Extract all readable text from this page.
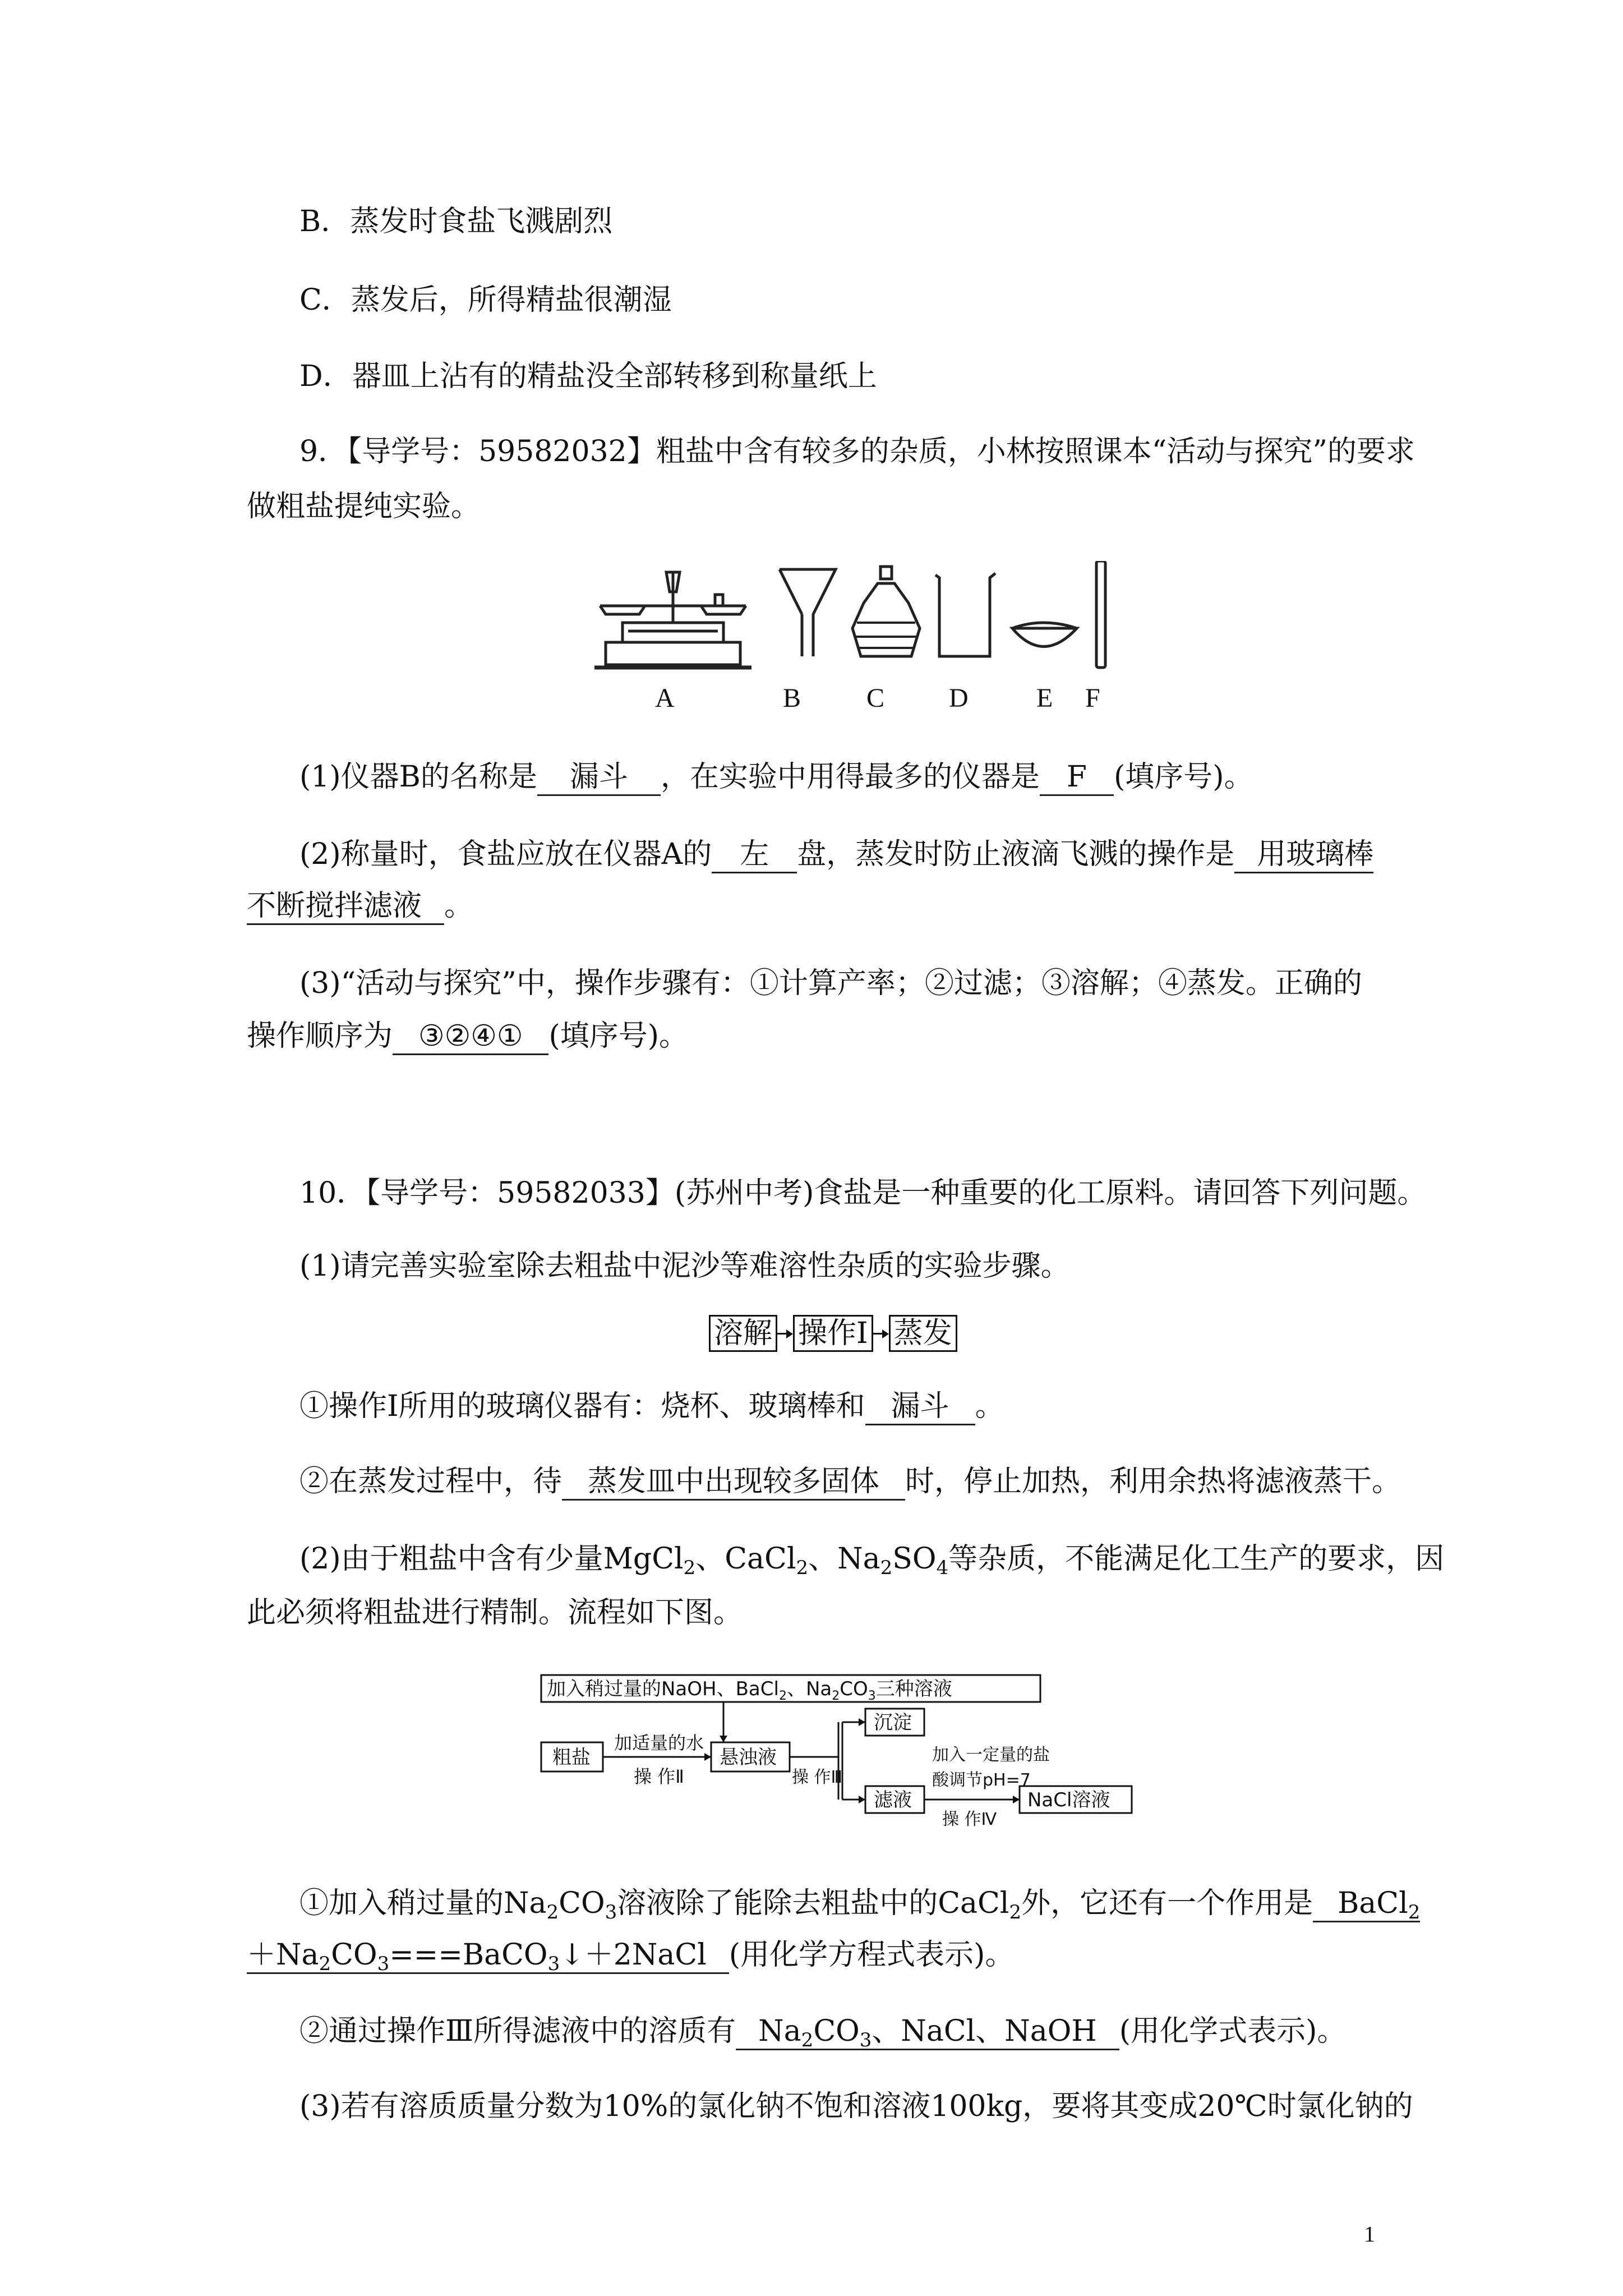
B．蒸发时食盐飞溅剧烈

C．蒸发后，所得精盐很潮湿

D．器皿上沾有的精盐没全部转移到称量纸上

9．【导学号：59582032】粗盐中含有较多的杂质，小林按照课本“活动与探究”的要求

做粗盐提纯实验。

A	B C D	E F

(1)仪器B的名称是 漏斗 ，在实验中用得最多的仪器是 F (填序号)。

(2)称量时，食盐应放在仪器A的 左 盘，蒸发时防止液滴飞溅的操作是 用玻璃棒

不断搅拌滤液 。

(3)“活动与探究”中，操作步骤有：①计算产率；②过滤；③溶解；④蒸发。正确的

操作顺序为 ③②④① (填序号)。

10．【导学号：59582033】(苏州中考)食盐是一种重要的化工原料。请回答下列问题。

(1)请完善实验室除去粗盐中泥沙等难溶性杂质的实验步骤。

溶解 操作Ⅰ 蒸发

①操作Ⅰ所用的玻璃仪器有：烧杯、玻璃棒和 漏斗 。

②在蒸发过程中，待 蒸发皿中出现较多固体 时，停止加热，利用余热将滤液蒸干。

(2)由于粗盐中含有少量MgCl$_2$、CaCl$_2$、$Na_2SO_4$等杂质，不能满足化工生产的要求，因

此必须将粗盐进行精制。流程如下图。

加入稍过量的NaOH、BaCl$_2$、$Na_2CO_3$三种溶液
粗盐
加适量的水
操 作Ⅱ
悬浊液
操 作Ⅲ
沉淀
滤液
加入一定量的盐
酸调节pH=7
操 作Ⅳ
NaCl溶液

①加入稍过量的$Na_2CO_3$溶液除了能除去粗盐中的CaCl$_2$外，它还有一个作用是 BaCl$_2$

$+Na_2CO_3===BaCO_3↓+2NaCl$ (用化学方程式表示)。

②通过操作Ⅲ所得滤液中的溶质有 $Na_2CO_3$、NaCl、NaOH (用化学式表示)。

(3)若有溶质质量分数为10%的氯化钠不饱和溶液100kg，要将其变成20℃时氯化钠的

1
